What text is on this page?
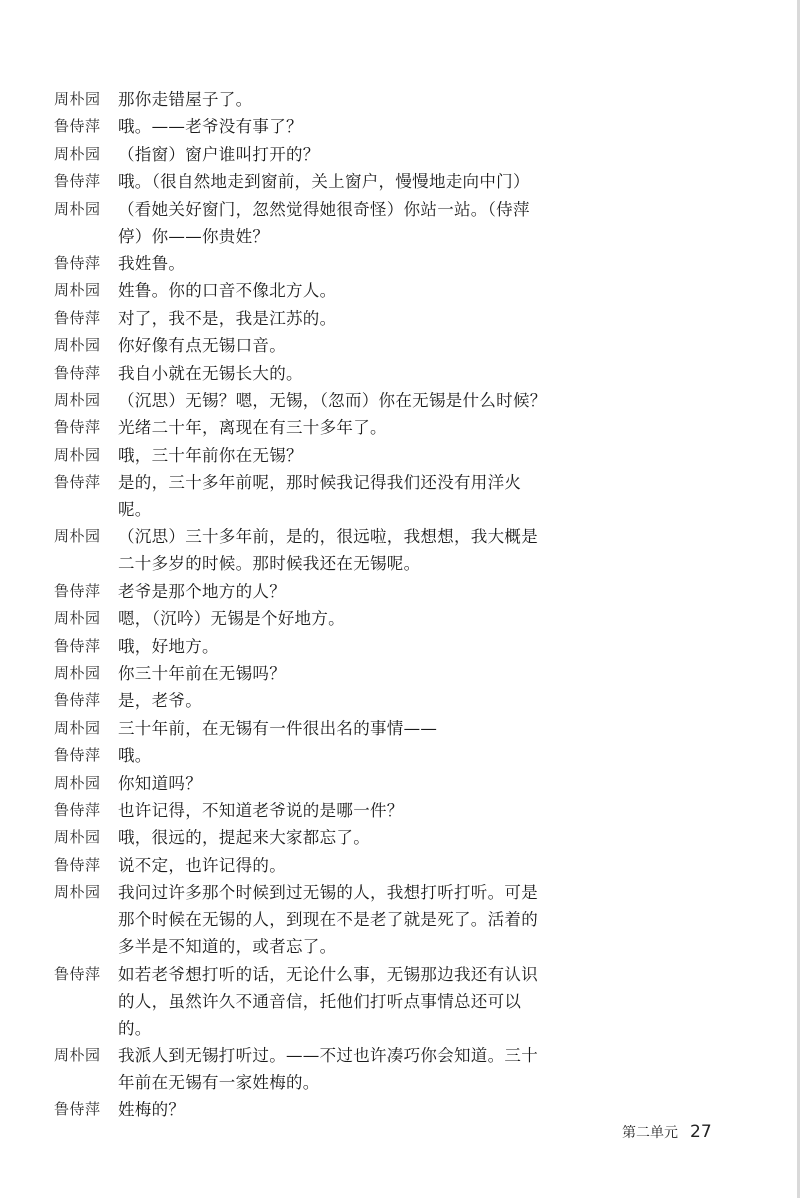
周朴园	那你走错屋子了。
鲁侍萍	哦。——老爷没有事了？
周朴园	（指窗）窗户谁叫打开的？
鲁侍萍	哦。（很自然地走到窗前，关上窗户，慢慢地走向中门）
周朴园	（看她关好窗门，忽然觉得她很奇怪）你站一站。（侍萍停）你——你贵姓？
鲁侍萍	我姓鲁。
周朴园	姓鲁。你的口音不像北方人。
鲁侍萍	对了，我不是，我是江苏的。
周朴园	你好像有点无锡口音。
鲁侍萍	我自小就在无锡长大的。
周朴园	（沉思）无锡？嗯，无锡，（忽而）你在无锡是什么时候？
鲁侍萍	光绪二十年，离现在有三十多年了。
周朴园	哦，三十年前你在无锡？
鲁侍萍	是的，三十多年前呢，那时候我记得我们还没有用洋火呢。
周朴园	（沉思）三十多年前，是的，很远啦，我想想，我大概是二十多岁的时候。那时候我还在无锡呢。
鲁侍萍	老爷是那个地方的人？
周朴园	嗯，（沉吟）无锡是个好地方。
鲁侍萍	哦，好地方。
周朴园	你三十年前在无锡吗？
鲁侍萍	是，老爷。
周朴园	三十年前，在无锡有一件很出名的事情——
鲁侍萍	哦。
周朴园	你知道吗？
鲁侍萍	也许记得，不知道老爷说的是哪一件？
周朴园	哦，很远的，提起来大家都忘了。
鲁侍萍	说不定，也许记得的。
周朴园	我问过许多那个时候到过无锡的人，我想打听打听。可是那个时候在无锡的人，到现在不是老了就是死了。活着的多半是不知道的，或者忘了。
鲁侍萍	如若老爷想打听的话，无论什么事，无锡那边我还有认识的人，虽然许久不通音信，托他们打听点事情总还可以的。
周朴园	我派人到无锡打听过。——不过也许凑巧你会知道。三十年前在无锡有一家姓梅的。
鲁侍萍	姓梅的？
第二单元 27
